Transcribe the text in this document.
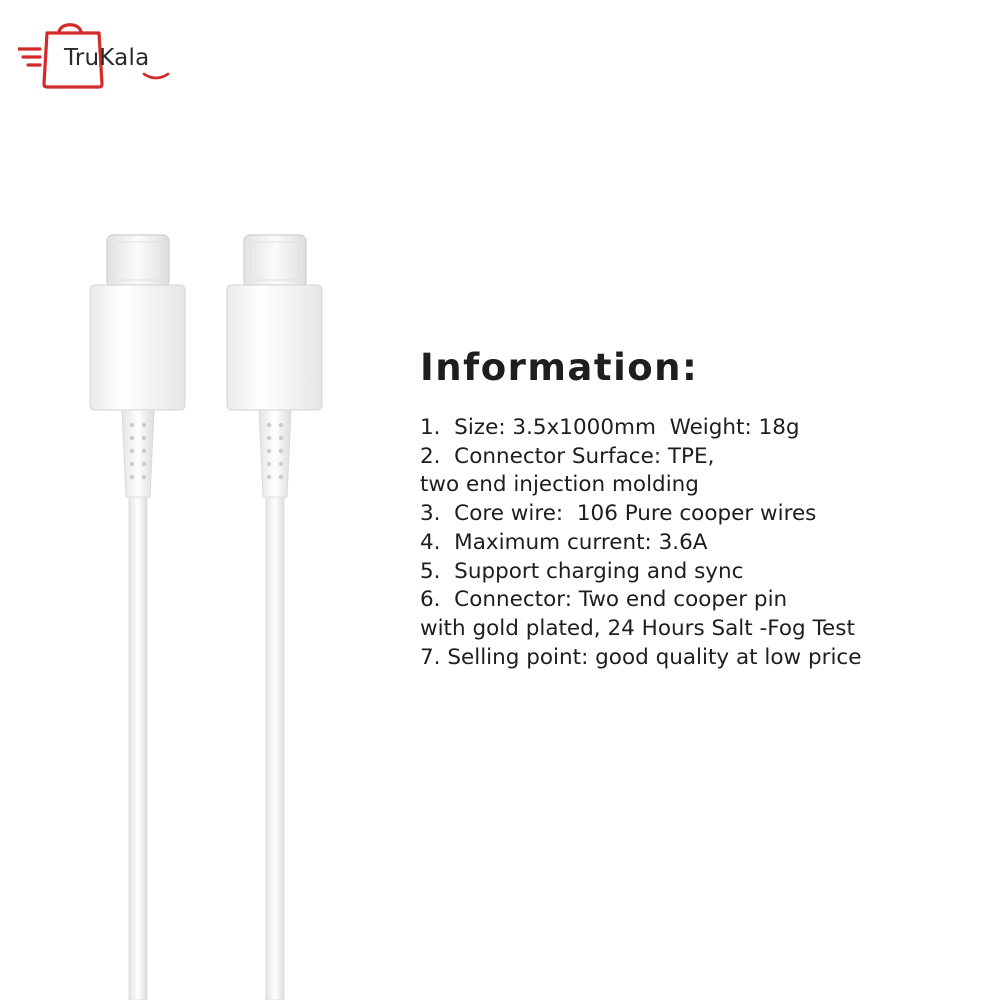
TruKala
Information:
1.  Size: 3.5x1000mm  Weight: 18g
2.  Connector Surface: TPE,
two end injection molding
3.  Core wire:  106 Pure cooper wires
4.  Maximum current: 3.6A
5.  Support charging and sync
6.  Connector: Two end cooper pin
with gold plated, 24 Hours Salt -Fog Test
7. Selling point: good quality at low price
